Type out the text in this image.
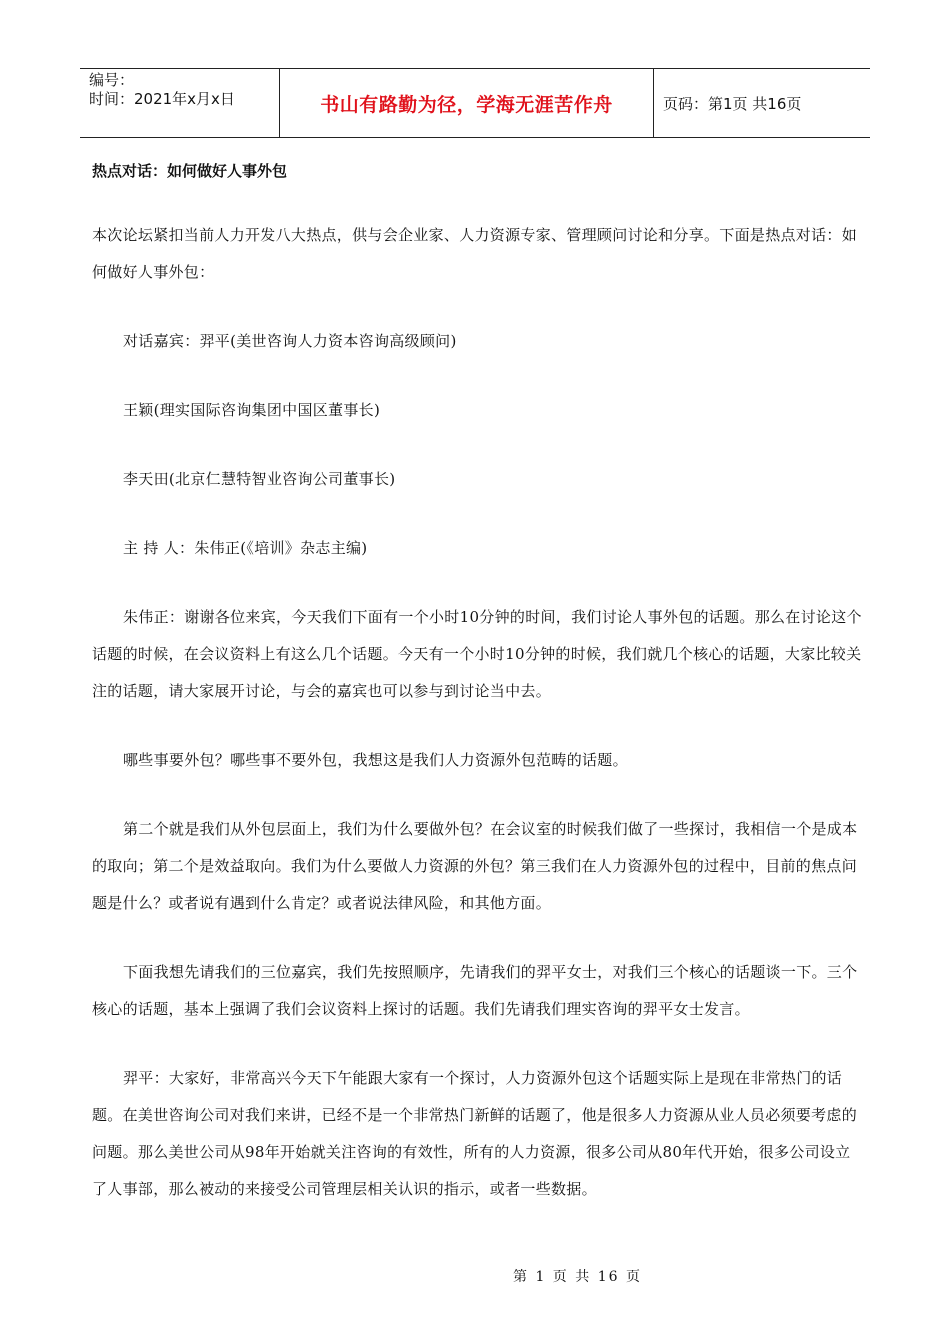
编号：
时间：2021年x月x日	书山有路勤为径，学海无涯苦作舟	页码：第1页 共16页
热点对话：如何做好人事外包

本次论坛紧扣当前人力开发八大热点，供与会企业家、人力资源专家、管理顾问讨论和分享。下面是热点对话：如何做好人事外包：

对话嘉宾：羿平(美世咨询人力资本咨询高级顾问)

王颖(理实国际咨询集团中国区董事长)

李天田(北京仁慧特智业咨询公司董事长)

主 持 人：朱伟正(《培训》杂志主编)

朱伟正：谢谢各位来宾，今天我们下面有一个小时10分钟的时间，我们讨论人事外包的话题。那么在讨论这个话题的时候，在会议资料上有这么几个话题。今天有一个小时10分钟的时候，我们就几个核心的话题，大家比较关注的话题，请大家展开讨论，与会的嘉宾也可以参与到讨论当中去。

哪些事要外包？哪些事不要外包，我想这是我们人力资源外包范畴的话题。

第二个就是我们从外包层面上，我们为什么要做外包？在会议室的时候我们做了一些探讨，我相信一个是成本的取向；第二个是效益取向。我们为什么要做人力资源的外包？第三我们在人力资源外包的过程中，目前的焦点问题是什么？或者说有遇到什么肯定？或者说法律风险，和其他方面。

下面我想先请我们的三位嘉宾，我们先按照顺序，先请我们的羿平女士，对我们三个核心的话题谈一下。三个核心的话题，基本上强调了我们会议资料上探讨的话题。我们先请我们理实咨询的羿平女士发言。

羿平：大家好，非常高兴今天下午能跟大家有一个探讨，人力资源外包这个话题实际上是现在非常热门的话题。在美世咨询公司对我们来讲，已经不是一个非常热门新鲜的话题了，他是很多人力资源从业人员必须要考虑的问题。那么美世公司从98年开始就关注咨询的有效性，所有的人力资源，很多公司从80年代开始，很多公司设立了人事部，那么被动的来接受公司管理层相关认识的指示，或者一些数据。

第 1 页 共 16 页
